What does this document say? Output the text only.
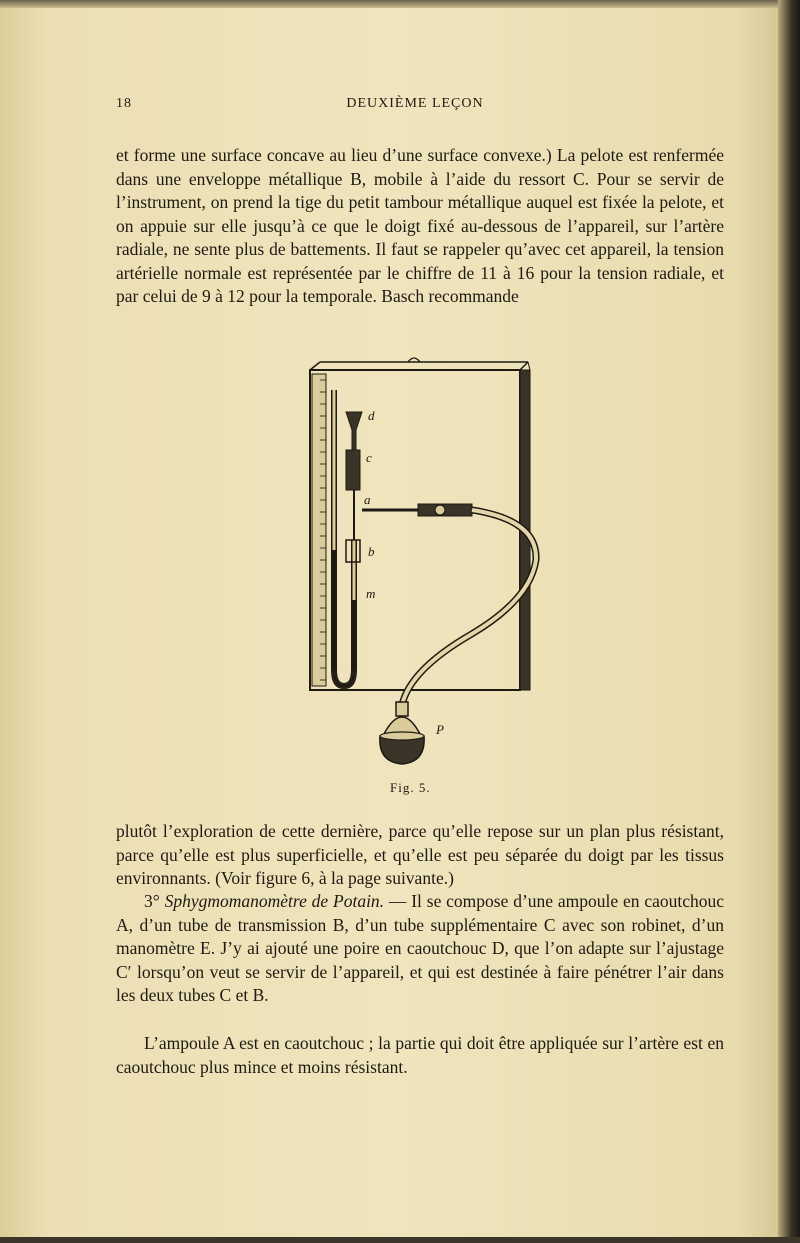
18	DEUXIÈME LEÇON

et forme une surface concave au lieu d’une surface convexe.) La pelote est renfermée dans une enveloppe métallique B, mobile à l’aide du ressort C. Pour se servir de l’instrument, on prend la tige du petit tambour métallique auquel est fixée la pelote, et on appuie sur elle jusqu’à ce que le doigt fixé au-dessous de l’appareil, sur l’artère radiale, ne sente plus de battements. Il faut se rappeler qu’avec cet appareil, la tension artérielle normale est représentée par le chiffre de 11 à 16 pour la tension radiale, et par celui de 9 à 12 pour la temporale. Basch recommande

d
c
a
b
m
P
Fig. 5.

plutôt l’exploration de cette dernière, parce qu’elle repose sur un plan plus résistant, parce qu’elle est plus superficielle, et qu’elle est peu séparée du doigt par les tissus environnants. (Voir figure 6, à la page suivante.)

3° Sphygmomanomètre de Potain. — Il se compose d’une ampoule en caoutchouc A, d’un tube de transmission B, d’un tube supplémentaire C avec son robinet, d’un manomètre E. J’y ai ajouté une poire en caoutchouc D, que l’on adapte sur l’ajustage C′ lorsqu’on veut se servir de l’appareil, et qui est destinée à faire pénétrer l’air dans les deux tubes C et B.

L’ampoule A est en caoutchouc ; la partie qui doit être appliquée sur l’artère est en caoutchouc plus mince et moins résistant.
